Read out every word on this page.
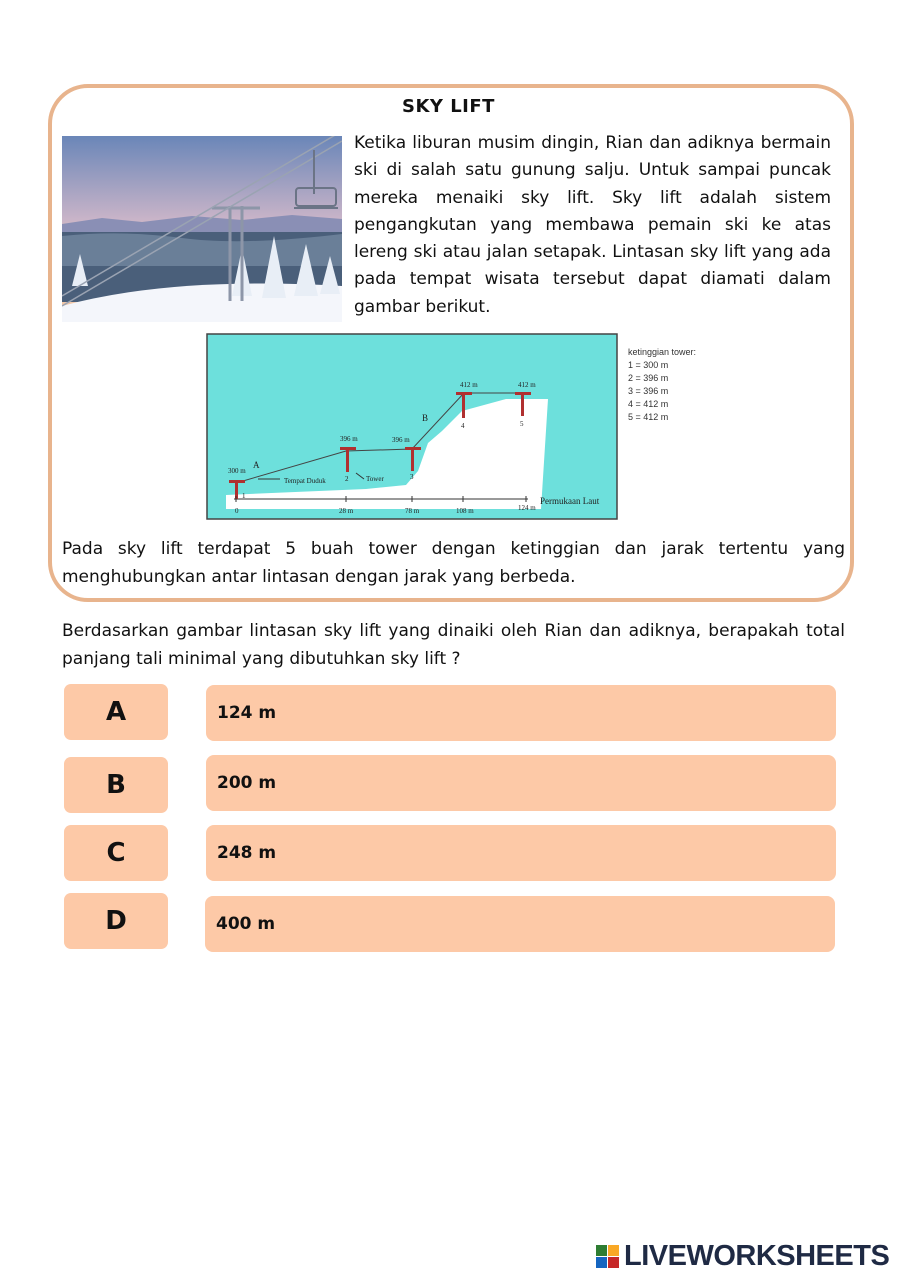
SKY LIFT
Ketika liburan musim dingin, Rian dan adiknya bermain ski di salah satu gunung salju. Untuk sampai puncak mereka menaiki sky lift. Sky lift adalah sistem pengangkutan yang membawa pemain ski ke atas lereng ski atau jalan setapak. Lintasan sky lift yang ada pada tempat wisata tersebut dapat diamati dalam gambar berikut.
300 m
396 m	396 m
412 m	412 m
1
2	3
4	5
A
B
Tempat Duduk	Tower
Permukaan Laut
0	28 m	78 m	108 m	124 m
ketinggian tower:
1 = 300 m
2 = 396 m
3 = 396 m
4 = 412 m
5 = 412 m
Pada sky lift terdapat 5 buah tower dengan ketinggian dan jarak tertentu yang menghubungkan antar lintasan dengan jarak yang berbeda.
Berdasarkan gambar lintasan sky lift yang dinaiki oleh Rian dan adiknya, berapakah total panjang tali minimal yang dibutuhkan sky lift ?
A	124 m
B	200 m
C	248 m
D	400 m
LIVEWORKSHEETS
